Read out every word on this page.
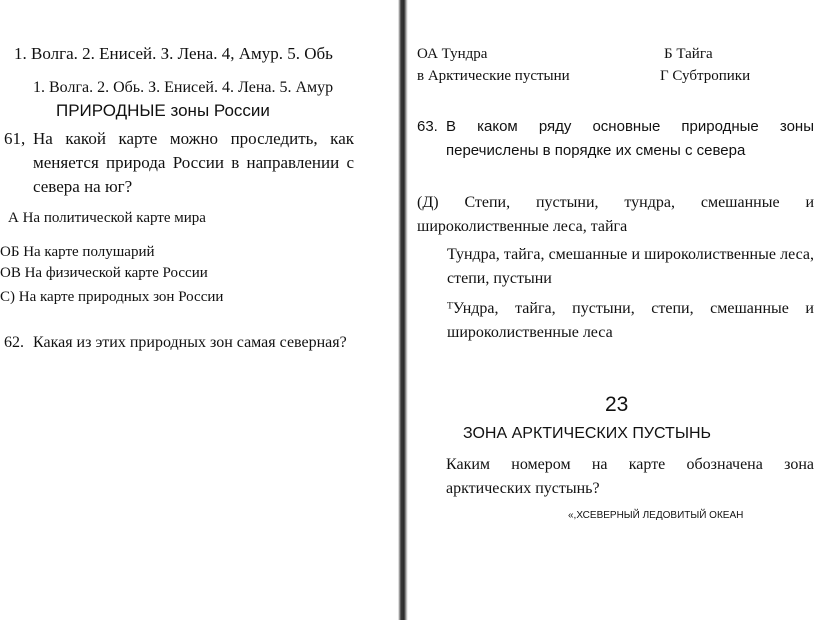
1. Волга. 2. Енисей. З. Лена. 4, Амур. 5. Обь
1. Волга. 2. Обь. З. Енисей. 4. Лена. 5. Амур
ПРИРОДНЫЕ зоны России
61, На какой карте можно проследить, как меняется природа России в направлении с севера на юг?
А На политической карте мира
ОБ На карте полушарий
ОВ На физической карте России
С) На карте природных зон России
62. Какая из этих природных зон самая северная?
ОА Тундра	Б Тайга
в Арктические пустыни	Г Субтропики
63. В каком ряду основные природные зоны перечислены в порядке их смены с севера
(Д) Степи, пустыни, тундра, смешанные и широколиственные леса, тайга
Тундра, тайга, смешанные и широколиственные леса, степи, пустыни
ᵀУндра, тайга, пустыни, степи, смешанные и широколиственные леса
23
ЗОНА АРКТИЧЕСКИХ ПУСТЫНЬ
Каким номером на карте обозначена зона арктических пустынь?
«,ХСЕВЕРНЫЙ ЛЕДОВИТЫЙ ОКЕАН
